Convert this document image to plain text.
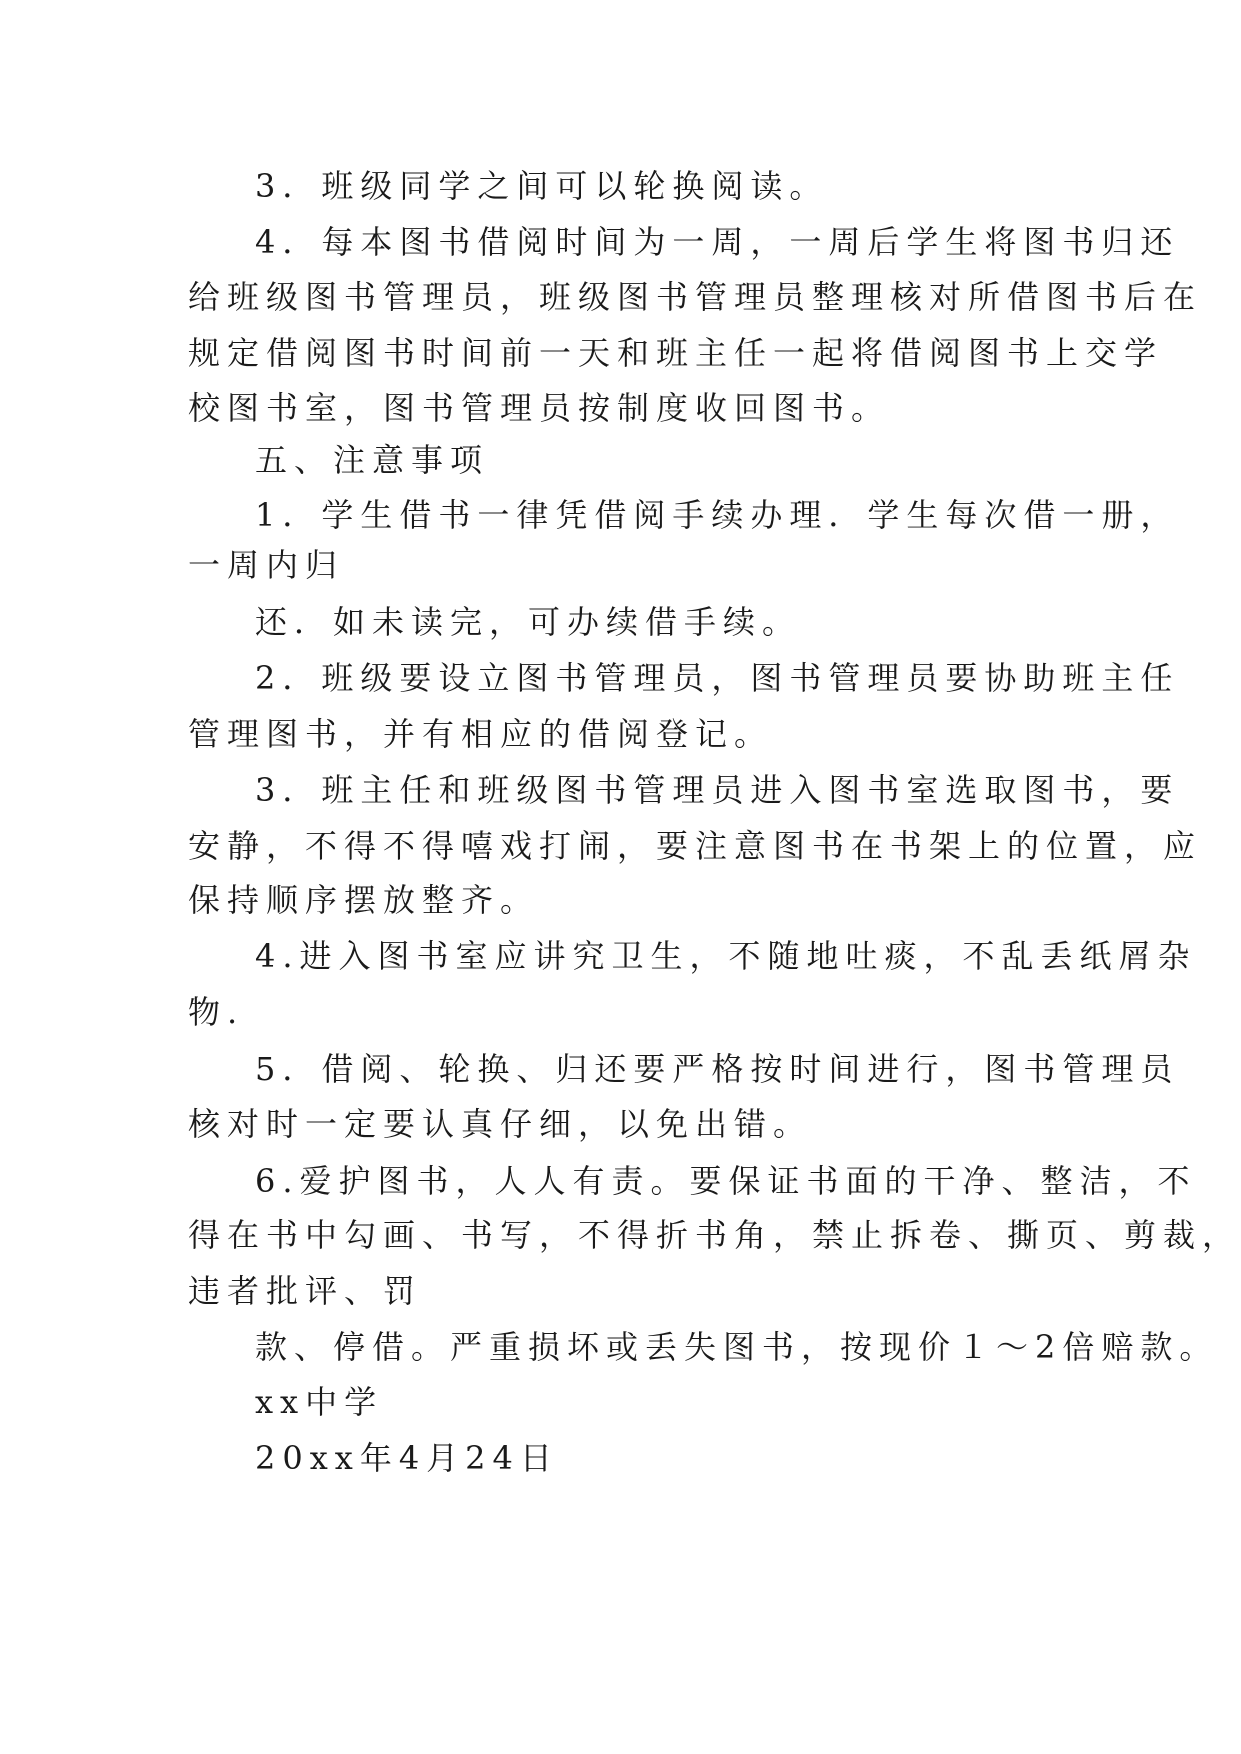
3．班级同学之间可以轮换阅读。
4．每本图书借阅时间为一周，一周后学生将图书归还
给班级图书管理员，班级图书管理员整理核对所借图书后在
规定借阅图书时间前一天和班主任一起将借阅图书上交学
校图书室，图书管理员按制度收回图书。
五、注意事项
1．学生借书一律凭借阅手续办理．学生每次借一册，
一周内归
还．如未读完，可办续借手续。
2．班级要设立图书管理员，图书管理员要协助班主任
管理图书，并有相应的借阅登记。
3．班主任和班级图书管理员进入图书室选取图书，要
安静，不得不得嘻戏打闹，要注意图书在书架上的位置，应
保持顺序摆放整齐。
4.进入图书室应讲究卫生，不随地吐痰，不乱丢纸屑杂
物.
5．借阅、轮换、归还要严格按时间进行，图书管理员
核对时一定要认真仔细，以免出错。
6.爱护图书，人人有责。要保证书面的干净、整洁，不
得在书中勾画、书写，不得折书角，禁止拆卷、撕页、剪裁，
违者批评、罚
款、停借。严重损坏或丢失图书，按现价１～2倍赔款。
xx中学
20xx年4月24日
